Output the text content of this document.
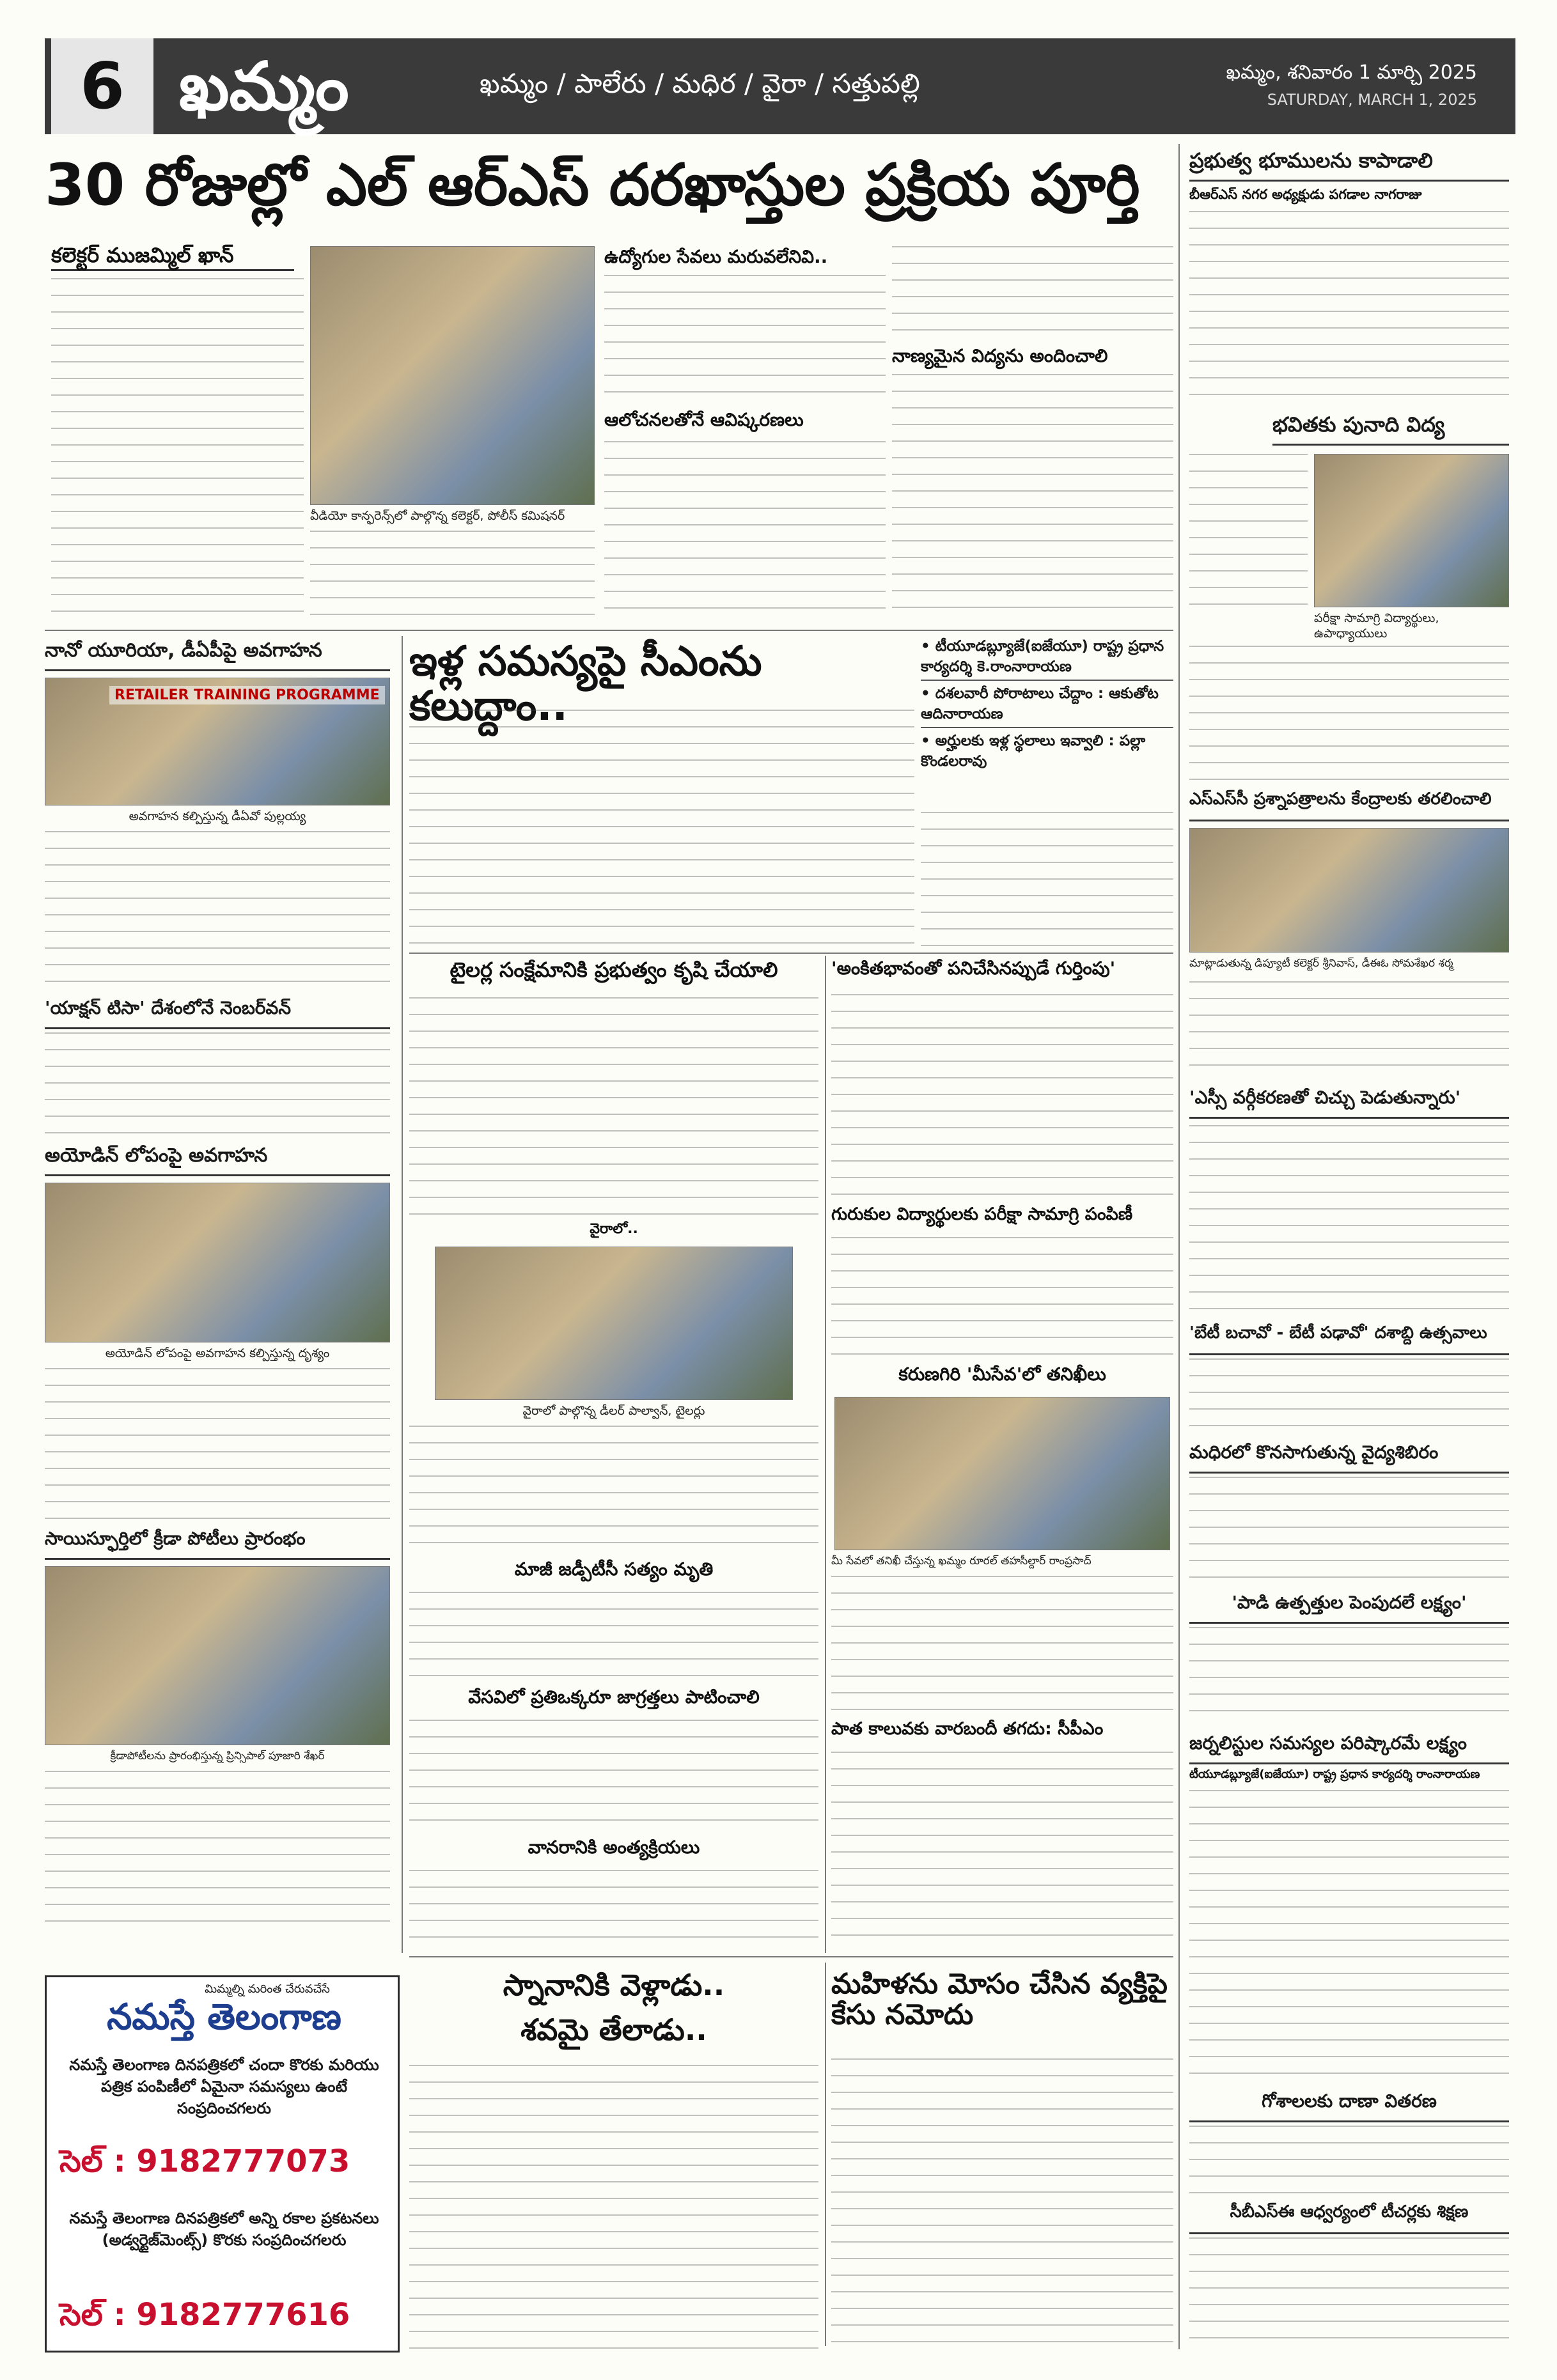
6 ఖమ్మం	ఖమ్మం / పాలేరు / మధిర / వైరా / సత్తుపల్లి	ఖమ్మం, శనివారం 1 మార్చి 2025
SATURDAY, MARCH 1, 2025
30 రోజుల్లో ఎల్ ఆర్ఎస్ దరఖాస్తుల ప్రక్రియ పూర్తి
కలెక్టర్ ముజమ్మిల్ ఖాన్
వీడియో కాన్ఫరెన్స్‌లో పాల్గొన్న కలెక్టర్, పోలీస్ కమిషనర్
ఉద్యోగుల సేవలు మరువలేనివి..
ఆలోచనలతోనే ఆవిష్కరణలు
నాణ్యమైన విద్యను అందించాలి
ప్రభుత్వ భూములను కాపాడాలి
బీఆర్ఎస్ నగర అధ్యక్షుడు పగడాల నాగరాజు
భవితకు పునాది విద్య
పరీక్షా సామాగ్రి విద్యార్థులు, ఉపాధ్యాయులు
ఎస్ఎస్‌సీ ప్రశ్నాపత్రాలను కేంద్రాలకు తరలించాలి
మాట్లాడుతున్న డిప్యూటీ కలెక్టర్ శ్రీనివాస్, డీఈఓ సోమశేఖర శర్మ
'ఎస్సీ వర్గీకరణతో చిచ్చు పెడుతున్నారు'
'బేటీ బచావో - బేటీ పఢావో' దశాబ్ది ఉత్సవాలు
మధిరలో కొనసాగుతున్న వైద్యశిబిరం
'పాడి ఉత్పత్తుల పెంపుదలే లక్ష్యం'
జర్నలిస్టుల సమస్యల పరిష్కారమే లక్ష్యం
టీయూడబ్ల్యూజే(ఐజేయూ) రాష్ట్ర ప్రధాన కార్యదర్శి రాంనారాయణ
గోశాలలకు దాణా వితరణ
సీబీఎస్ఈ ఆధ్వర్యంలో టీచర్లకు శిక్షణ
నానో యూరియా, డీఏపీపై అవగాహన
RETAILER TRAINING PROGRAMME
అవగాహన కల్పిస్తున్న డీఏవో పుల్లయ్య
'యాక్షన్ టిసా' దేశంలోనే నెంబర్‌వన్
అయోడిన్ లోపంపై అవగాహన
అయోడిన్ లోపంపై అవగాహన కల్పిస్తున్న దృశ్యం
సాయిస్ఫూర్తిలో క్రీడా పోటీలు ప్రారంభం
క్రీడాపోటీలను ప్రారంభిస్తున్న ప్రిన్సిపాల్ పూజారి శేఖర్
మిమ్మల్ని మరింత చేరువచేసే
నమస్తే తెలంగాణ
నమస్తే తెలంగాణ దినపత్రికలో చందా కొరకు మరియు పత్రిక పంపిణీలో ఏమైనా సమస్యలు ఉంటే సంప్రదించగలరు
సెల్ : 9182777073
నమస్తే తెలంగాణ దినపత్రికలో అన్ని రకాల ప్రకటనలు (అడ్వర్టైజ్‌మెంట్స్) కొరకు సంప్రదించగలరు
సెల్ : 9182777616
ఇళ్ల సమస్యపై సీఎంను కలుద్దాం..
• టీయూడబ్ల్యూజే(ఐజేయూ) రాష్ట్ర ప్రధాన కార్యదర్శి కె.రాంనారాయణ
• దశలవారీ పోరాటాలు చేద్దాం : ఆకుతోట ఆదినారాయణ
• అర్హులకు ఇళ్ల స్థలాలు ఇవ్వాలి : పల్లా కొండలరావు
టైలర్ల సంక్షేమానికి ప్రభుత్వం కృషి చేయాలి
వైరాలో..
వైరాలో పాల్గొన్న డీలర్ పాల్వాన్, టైలర్లు
'అంకితభావంతో పనిచేసినప్పుడే గుర్తింపు'
గురుకుల విద్యార్థులకు పరీక్షా సామాగ్రి పంపిణీ
కరుణగిరి 'మీసేవ'లో తనిఖీలు
మీ సేవలో తనిఖీ చేస్తున్న ఖమ్మం రూరల్ తహసీల్దార్ రాంప్రసాద్
మాజీ జడ్పీటీసీ సత్యం మృతి
వేసవిలో ప్రతిఒక్కరూ జాగ్రత్తలు పాటించాలి
వానరానికి అంత్యక్రియలు
పాత కాలువకు వారబందీ తగదు: సీపీఎం
స్నానానికి వెళ్లాడు..
శవమై తేలాడు..
మహిళను మోసం చేసిన వ్యక్తిపై కేసు నమోదు
